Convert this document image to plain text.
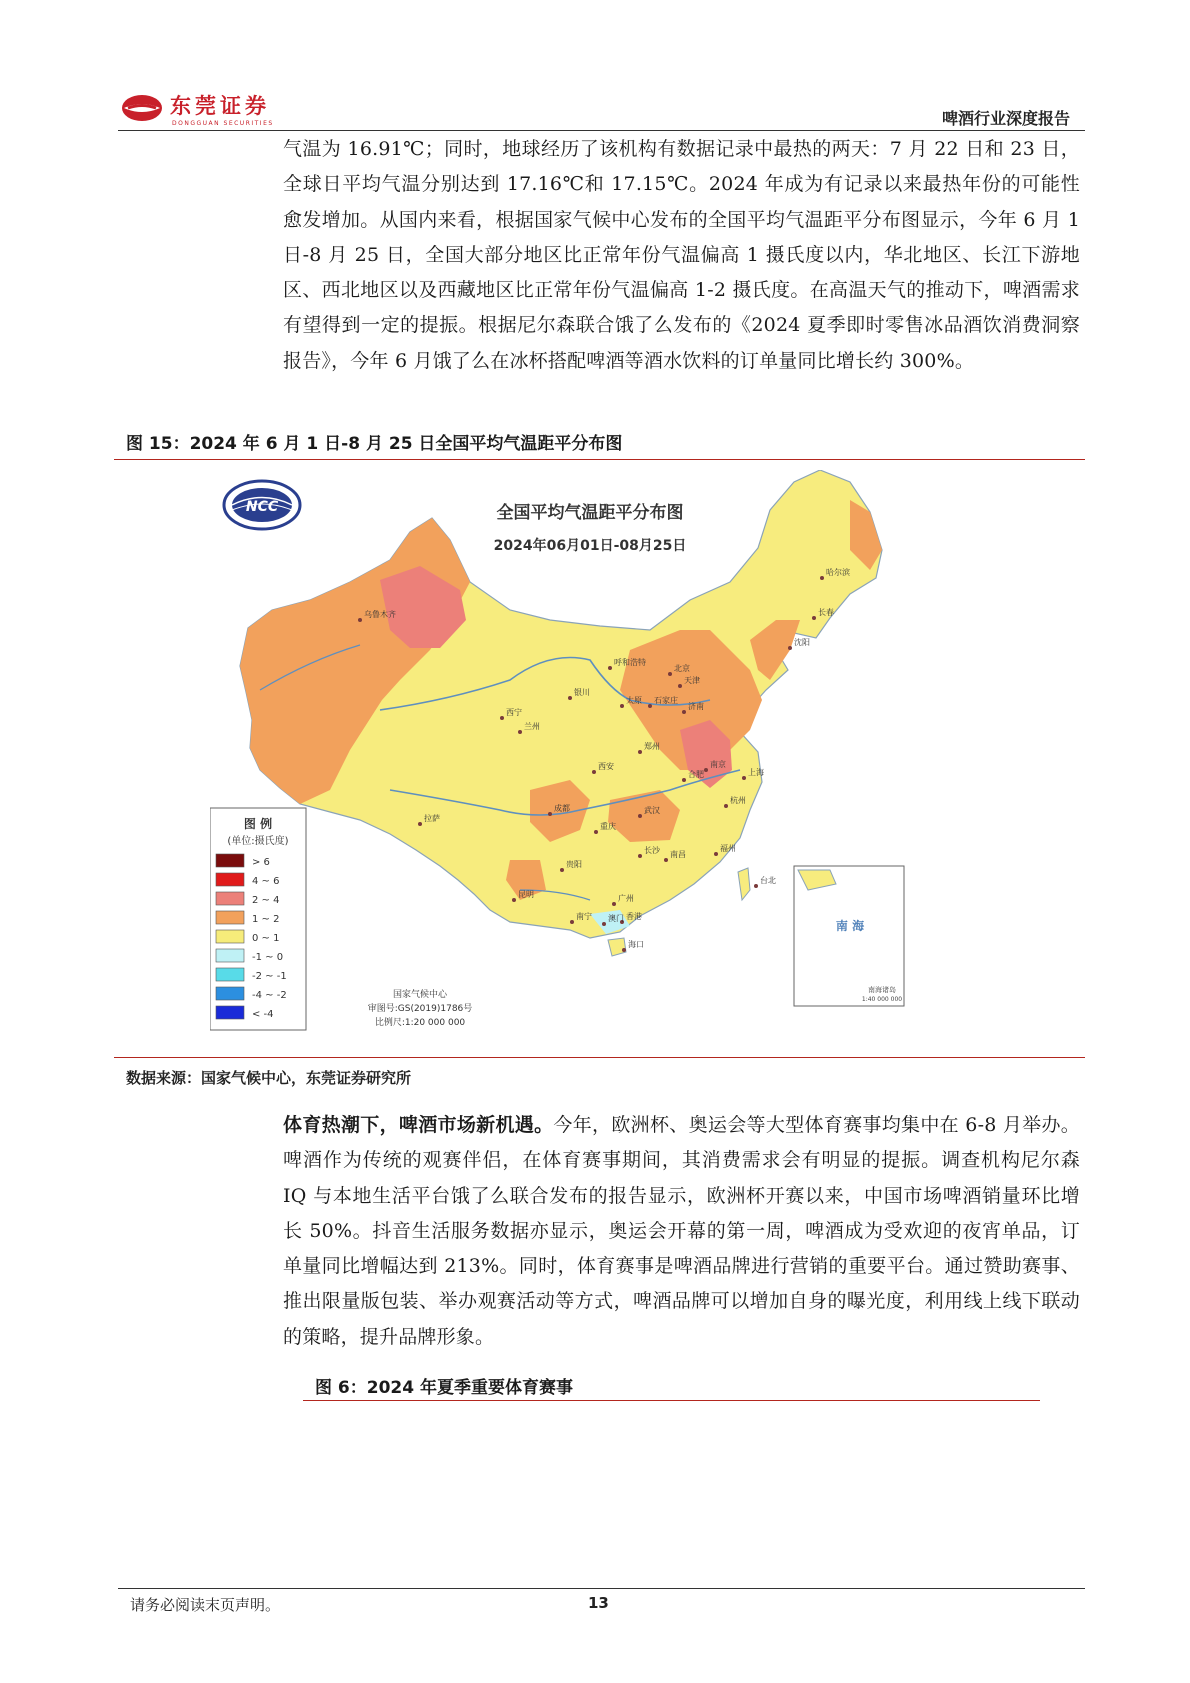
东莞证券
DONGGUAN SECURITIES	啤酒行业深度报告

气温为 16.91℃；同时，地球经历了该机构有数据记录中最热的两天：7 月 22 日和 23 日，全球日平均气温分别达到 17.16℃和 17.15℃。2024 年成为有记录以来最热年份的可能性愈发增加。从国内来看，根据国家气候中心发布的全国平均气温距平分布图显示，今年 6 月 1 日-8 月 25 日，全国大部分地区比正常年份气温偏高 1 摄氏度以内，华北地区、长江下游地区、西北地区以及西藏地区比正常年份气温偏高 1-2 摄氏度。在高温天气的推动下，啤酒需求有望得到一定的提振。根据尼尔森联合饿了么发布的《2024 夏季即时零售冰品酒饮消费洞察报告》，今年 6 月饿了么在冰杯搭配啤酒等酒水饮料的订单量同比增长约 300%。

图 15：2024 年 6 月 1 日-8 月 25 日全国平均气温距平分布图
NCC	全国平均气温距平分布图
2024年06月01日-08月25日
南 海
南海诸岛
1:40 000 000
图 例
(单位:摄氏度)
> 6
4 ~ 6
2 ~ 4
1 ~ 2
0 ~ 1
-1 ~ 0
-2 ~ -1
-4 ~ -2
< -4
国家气候中心
审图号:GS(2019)1786号
比例尺:1:20 000 000
哈尔滨
长春
沈阳
乌鲁木齐
呼和浩特
北京
天津
石家庄
太原
济南
银川
西宁
兰州
郑州
西安
拉萨
成都
重庆
武汉
合肥
南京
上海
杭州
长沙 南昌
福州
贵阳
昆明
台北
广州
香港
澳门
南宁
海口
数据来源：国家气候中心，东莞证券研究所

体育热潮下，啤酒市场新机遇。今年，欧洲杯、奥运会等大型体育赛事均集中在 6-8 月举办。啤酒作为传统的观赛伴侣，在体育赛事期间，其消费需求会有明显的提振。调查机构尼尔森 IQ 与本地生活平台饿了么联合发布的报告显示，欧洲杯开赛以来，中国市场啤酒销量环比增长 50%。抖音生活服务数据亦显示，奥运会开幕的第一周，啤酒成为受欢迎的夜宵单品，订单量同比增幅达到 213%。同时，体育赛事是啤酒品牌进行营销的重要平台。通过赞助赛事、推出限量版包装、举办观赛活动等方式，啤酒品牌可以增加自身的曝光度，利用线上线下联动的策略，提升品牌形象。

图 6：2024 年夏季重要体育赛事
请务必阅读末页声明。	13
